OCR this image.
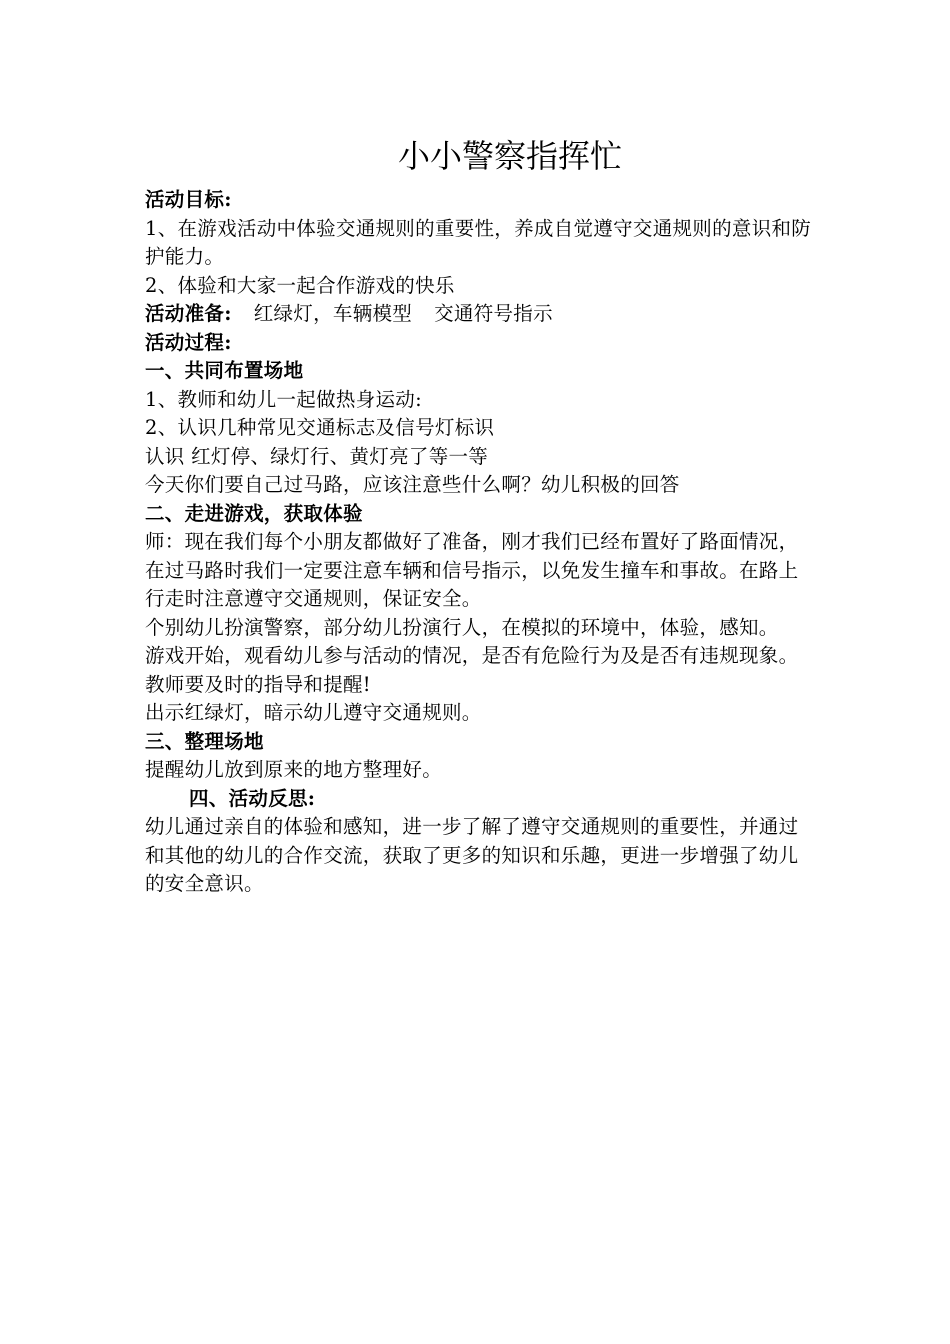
小小警察指挥忙
活动目标:
1、在游戏活动中体验交通规则的重要性，养成自觉遵守交通规则的意识和防护能力。
2、体验和大家一起合作游戏的快乐
活动准备: 红绿灯，车辆模型 交通符号指示
活动过程:
一、共同布置场地
1、教师和幼儿一起做热身运动:
2、认识几种常见交通标志及信号灯标识
认识 红灯停、绿灯行、黄灯亮了等一等
今天你们要自己过马路，应该注意些什么啊？幼儿积极的回答
二、走进游戏，获取体验
师：现在我们每个小朋友都做好了准备，刚才我们已经布置好了路面情况，在过马路时我们一定要注意车辆和信号指示，以免发生撞车和事故。在路上行走时注意遵守交通规则，保证安全。
个别幼儿扮演警察，部分幼儿扮演行人，在模拟的环境中，体验，感知。
游戏开始，观看幼儿参与活动的情况，是否有危险行为及是否有违规现象。教师要及时的指导和提醒!
出示红绿灯，暗示幼儿遵守交通规则。
三、整理场地
提醒幼儿放到原来的地方整理好。
四、活动反思:
幼儿通过亲自的体验和感知，进一步了解了遵守交通规则的重要性，并通过和其他的幼儿的合作交流，获取了更多的知识和乐趣，更进一步增强了幼儿的安全意识。
